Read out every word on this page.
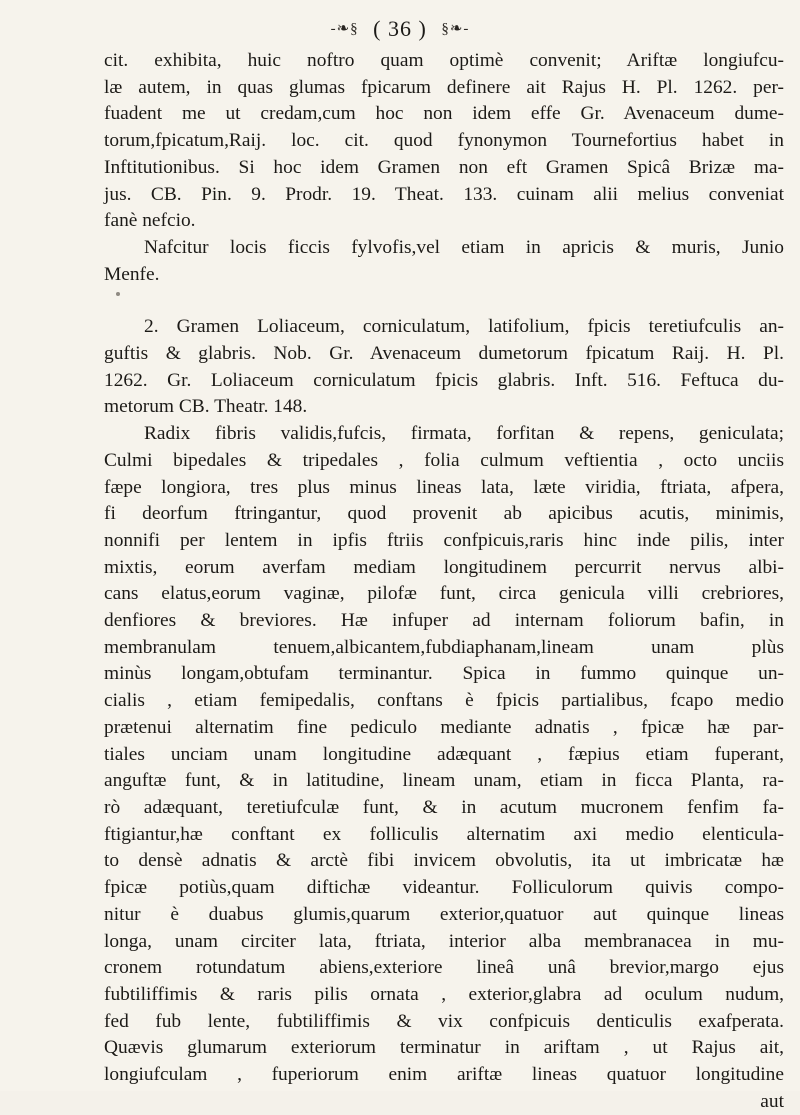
-❧§ ( 36 ) §❧-
cit. exhibita, huic noftro quam optimè convenit; Ariftæ longiufcu-
læ autem, in quas glumas fpicarum definere ait Rajus H. Pl. 1262. per-
fuadent me ut credam,cum hoc non idem effe Gr. Avenaceum dume-
torum,fpicatum,Raij. loc. cit. quod fynonymon Tournefortius habet in
Inftitutionibus. Si hoc idem Gramen non eft Gramen Spicâ Brizæ ma-
jus. CB. Pin. 9. Prodr. 19. Theat. 133. cuinam alii melius conveniat
fanè nefcio.
Nafcitur locis ficcis fylvofis,vel etiam in apricis & muris, Junio
Menfe.
2. Gramen Loliaceum, corniculatum, latifolium, fpicis teretiufculis an-
guftis & glabris. Nob. Gr. Avenaceum dumetorum fpicatum Raij. H. Pl.
1262. Gr. Loliaceum corniculatum fpicis glabris. Inft. 516. Feftuca du-
metorum CB. Theatr. 148.
Radix fibris validis,fufcis, firmata, forfitan & repens, geniculata;
Culmi bipedales & tripedales , folia culmum veftientia , octo unciis
fæpe longiora, tres plus minus lineas lata, læte viridia, ftriata, afpera,
fi deorfum ftringantur, quod provenit ab apicibus acutis, minimis,
nonnifi per lentem in ipfis ftriis confpicuis,raris hinc inde pilis, inter
mixtis, eorum averfam mediam longitudinem percurrit nervus albi-
cans elatus,eorum vaginæ, pilofæ funt, circa genicula villi crebriores,
denfiores & breviores. Hæ infuper ad internam foliorum bafin, in
membranulam tenuem,albicantem,fubdiaphanam,lineam unam plùs
minùs longam,obtufam terminantur. Spica in fummo quinque un-
cialis , etiam femipedalis, conftans è fpicis partialibus, fcapo medio
prætenui alternatim fine pediculo mediante adnatis , fpicæ hæ par-
tiales unciam unam longitudine adæquant , fæpius etiam fuperant,
anguftæ funt, & in latitudine, lineam unam, etiam in ficca Planta, ra-
rò adæquant, teretiufculæ funt, & in acutum mucronem fenfim fa-
ftigiantur,hæ conftant ex folliculis alternatim axi medio elenticula-
to densè adnatis & arctè fibi invicem obvolutis, ita ut imbricatæ hæ
fpicæ potiùs,quam diftichæ videantur. Folliculorum quivis compo-
nitur è duabus glumis,quarum exterior,quatuor aut quinque lineas
longa, unam circiter lata, ftriata, interior alba membranacea in mu-
cronem rotundatum abiens,exteriore lineâ unâ brevior,margo ejus
fubtiliffimis & raris pilis ornata , exterior,glabra ad oculum nudum,
fed fub lente, fubtiliffimis & vix confpicuis denticulis exafperata.
Quævis glumarum exteriorum terminatur in ariftam , ut Rajus ait,
longiufculam , fuperiorum enim ariftæ lineas quatuor longitudine
aut
